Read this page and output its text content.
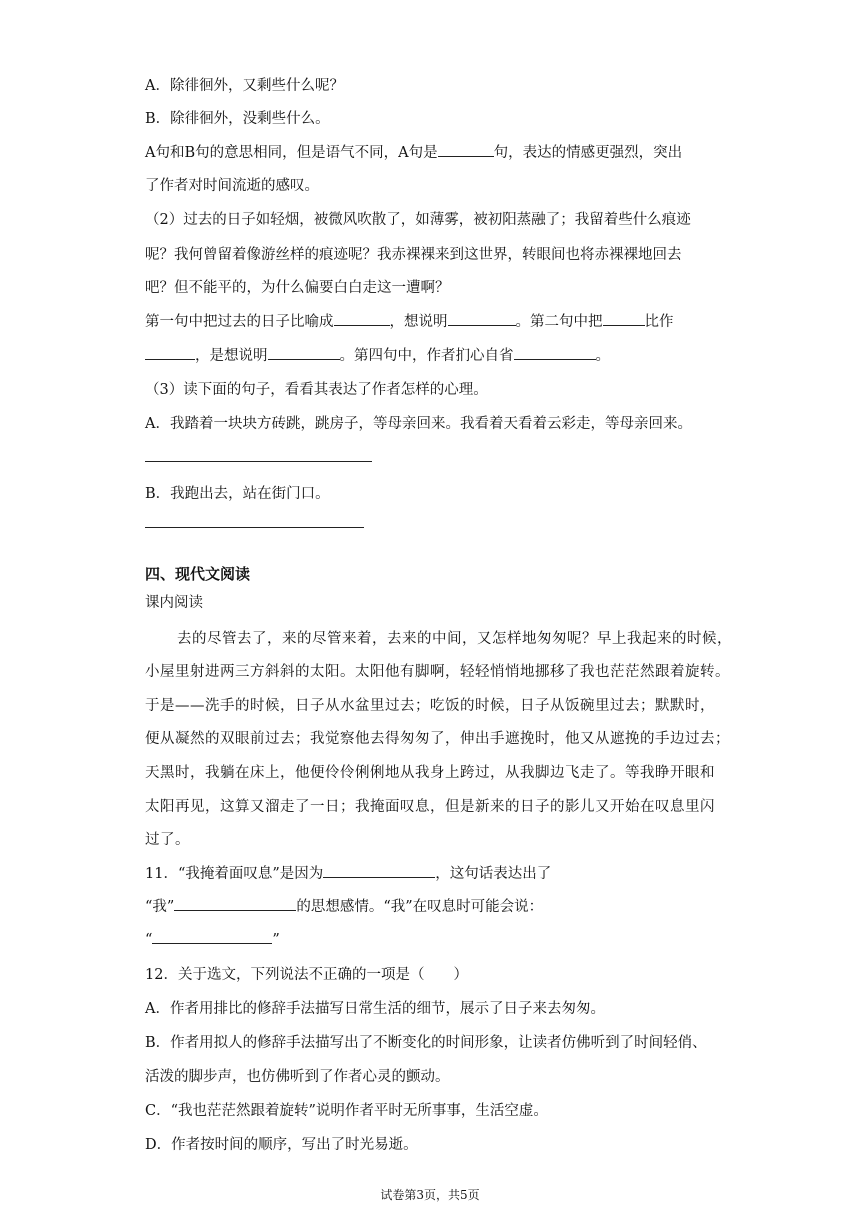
A．除徘徊外，又剩些什么呢？
B．除徘徊外，没剩些什么。
A句和B句的意思相同，但是语气不同，A句是	句，表达的情感更强烈，突出
了作者对时间流逝的感叹。
（2）过去的日子如轻烟，被微风吹散了，如薄雾，被初阳蒸融了；我留着些什么痕迹
呢？我何曾留着像游丝样的痕迹呢？我赤裸裸来到这世界，转眼间也将赤裸裸地回去
吧？但不能平的，为什么偏要白白走这一遭啊？
第一句中把过去的日子比喻成	，想说明	。第二句中把	比作
，是想说明	。第四句中，作者扪心自省	。
（3）读下面的句子，看看其表达了作者怎样的心理。
A．我踏着一块块方砖跳，跳房子，等母亲回来。我看着天看着云彩走，等母亲回来。
B．我跑出去，站在街门口。
四、现代文阅读
课内阅读
去的尽管去了，来的尽管来着，去来的中间，又怎样地匆匆呢？早上我起来的时候，
小屋里射进两三方斜斜的太阳。太阳他有脚啊，轻轻悄悄地挪移了我也茫茫然跟着旋转。
于是——洗手的时候，日子从水盆里过去；吃饭的时候，日子从饭碗里过去；默默时，
便从凝然的双眼前过去；我觉察他去得匆匆了，伸出手遮挽时，他又从遮挽的手边过去；
天黑时，我躺在床上，他便伶伶俐俐地从我身上跨过，从我脚边飞走了。等我睁开眼和
太阳再见，这算又溜走了一日；我掩面叹息，但是新来的日子的影儿又开始在叹息里闪
过了。
11．“我掩着面叹息”是因为	，这句话表达出了
“我”	的思想感情。“我”在叹息时可能会说：
“	”
12．关于选文，下列说法不正确的一项是（　　）
A．作者用排比的修辞手法描写日常生活的细节，展示了日子来去匆匆。
B．作者用拟人的修辞手法描写出了不断变化的时间形象，让读者仿佛听到了时间轻俏、
活泼的脚步声，也仿佛听到了作者心灵的颤动。
C．“我也茫茫然跟着旋转”说明作者平时无所事事，生活空虚。
D．作者按时间的顺序，写出了时光易逝。
试卷第3页，共5页
